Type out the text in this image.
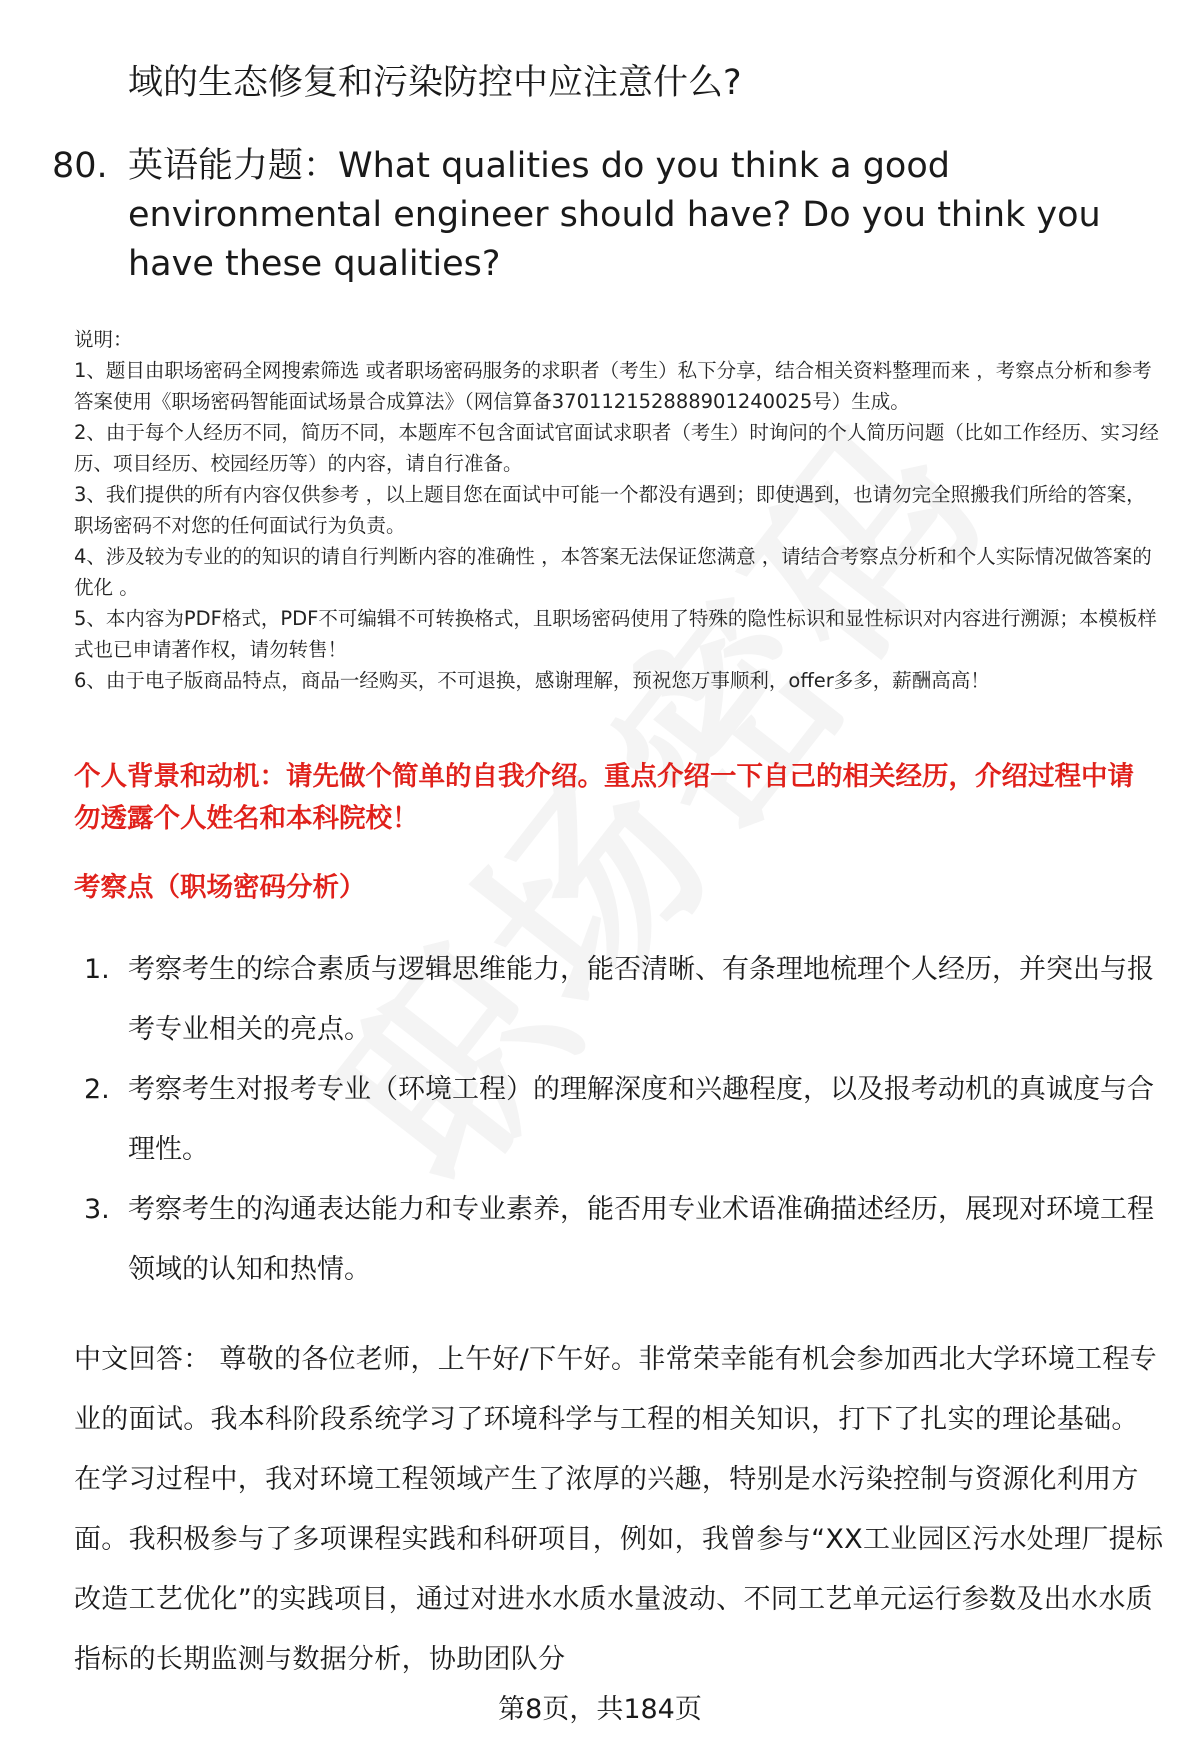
域的生态修复和污染防控中应注意什么?
80. 英语能力题：What qualities do you think a good environmental engineer should have? Do you think you have these qualities?

说明：

1、题目由职场密码全网搜索筛选 或者职场密码服务的求职者（考生）私下分享，结合相关资料整理而来 ，考察点分析和参考答案使用《职场密码智能面试场景合成算法》（网信算备370112152888901240025号）生成。

2、由于每个人经历不同，简历不同，本题库不包含面试官面试求职者（考生）时询问的个人简历问题（比如工作经历、实习经历、项目经历、校园经历等）的内容，请自行准备。

3、我们提供的所有内容仅供参考 ，以上题目您在面试中可能一个都没有遇到；即使遇到，也请勿完全照搬我们所给的答案，职场密码不对您的任何面试行为负责。

4、涉及较为专业的的知识的请自行判断内容的准确性 ，本答案无法保证您满意 ，请结合考察点分析和个人实际情况做答案的优化 。

5、本内容为PDF格式，PDF不可编辑不可转换格式，且职场密码使用了特殊的隐性标识和显性标识对内容进行溯源；本模板样式也已申请著作权，请勿转售！

6、由于电子版商品特点，商品一经购买，不可退换，感谢理解，预祝您万事顺利，offer多多，薪酬高高！

个人背景和动机：请先做个简单的自我介绍。重点介绍一下自己的相关经历，介绍过程中请勿透露个人姓名和本科院校！
考察点（职场密码分析）
1. 考察考生的综合素质与逻辑思维能力，能否清晰、有条理地梳理个人经历，并突出与报考专业相关的亮点。
2. 考察考生对报考专业（环境工程）的理解深度和兴趣程度，以及报考动机的真诚度与合理性。
3. 考察考生的沟通表达能力和专业素养，能否用专业术语准确描述经历，展现对环境工程领域的认知和热情。
中文回答： 尊敬的各位老师，上午好/下午好。非常荣幸能有机会参加西北大学环境工程专业的面试。我本科阶段系统学习了环境科学与工程的相关知识，打下了扎实的理论基础。在学习过程中，我对环境工程领域产生了浓厚的兴趣，特别是水污染控制与资源化利用方面。我积极参与了多项课程实践和科研项目，例如，我曾参与“XX工业园区污水处理厂提标改造工艺优化”的实践项目，通过对进水水质水量波动、不同工艺单元运行参数及出水水质指标的长期监测与数据分析，协助团队分
第8页，共184页
